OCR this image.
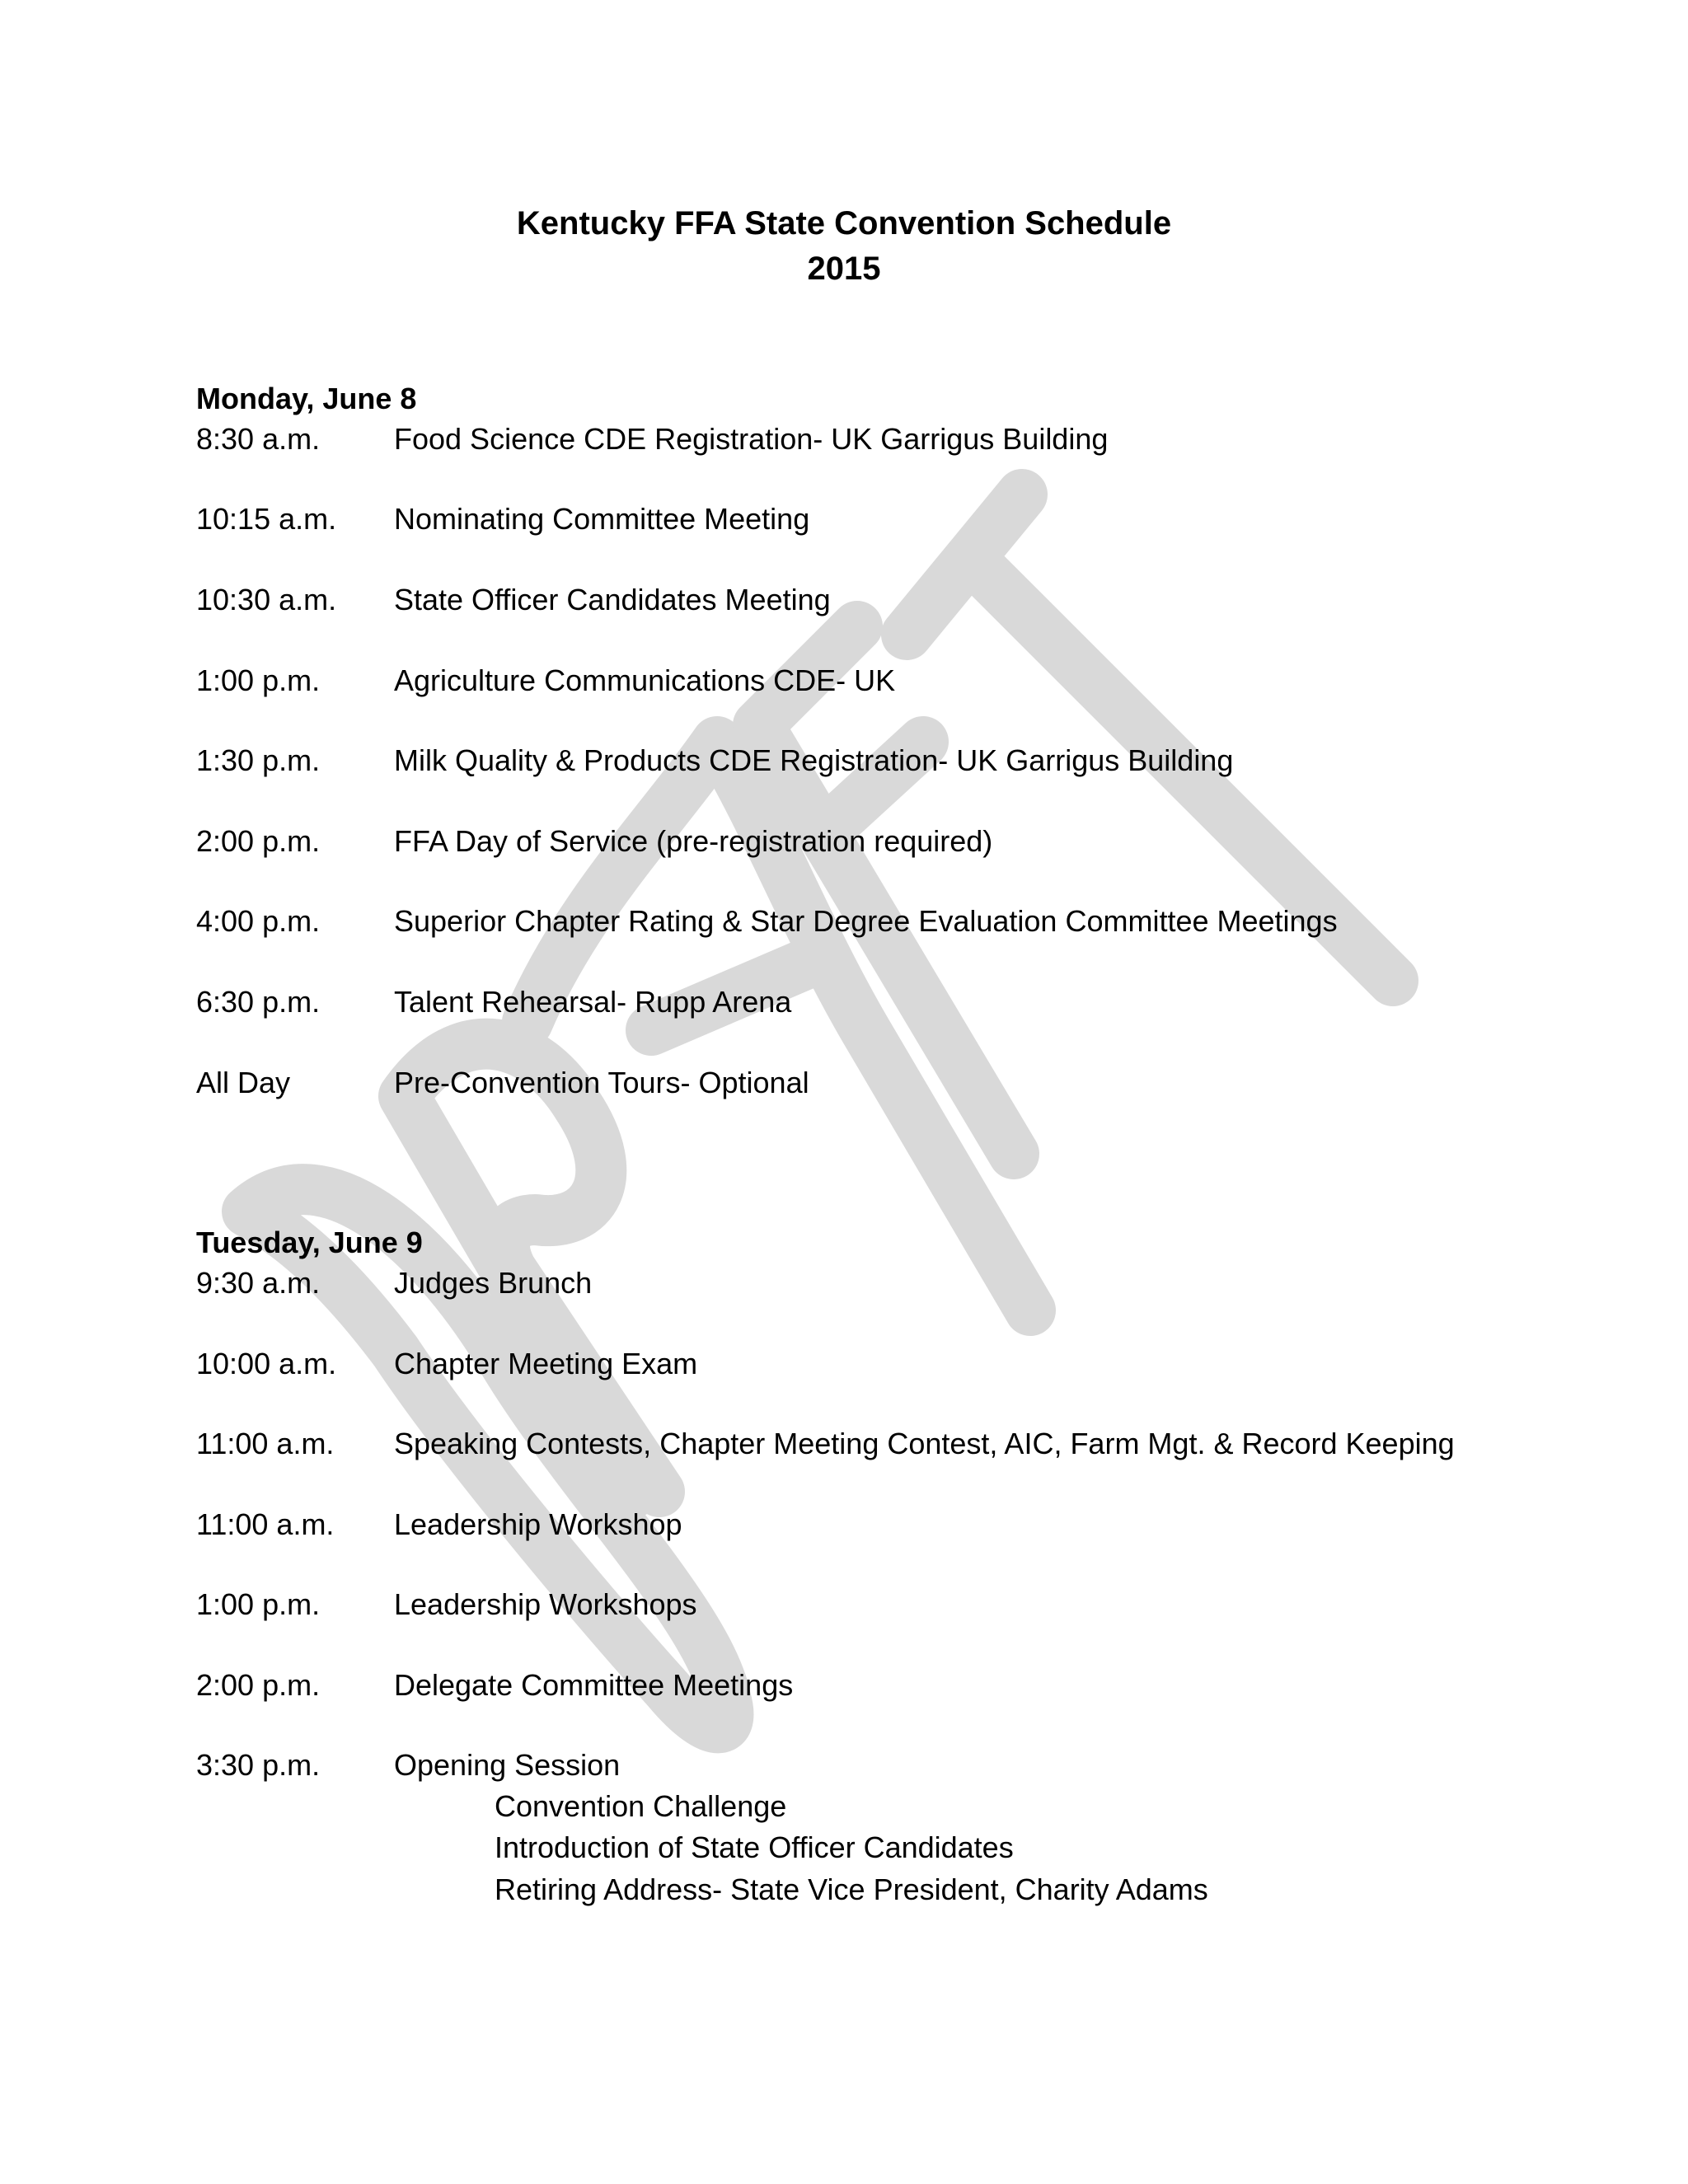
Kentucky FFA State Convention Schedule
2015
Monday, June 8
8:30 a.m. Food Science CDE Registration- UK Garrigus Building
10:15 a.m. Nominating Committee Meeting
10:30 a.m. State Officer Candidates Meeting
1:00 p.m. Agriculture Communications CDE- UK
1:30 p.m. Milk Quality & Products CDE Registration- UK Garrigus Building
2:00 p.m. FFA Day of Service (pre-registration required)
4:00 p.m. Superior Chapter Rating & Star Degree Evaluation Committee Meetings
6:30 p.m. Talent Rehearsal- Rupp Arena
All Day	Pre-Convention Tours- Optional
Tuesday, June 9
9:30 a.m. Judges Brunch
10:00 a.m. Chapter Meeting Exam
11:00 a.m. Speaking Contests, Chapter Meeting Contest, AIC, Farm Mgt. & Record Keeping
11:00 a.m. Leadership Workshop
1:00 p.m. Leadership Workshops
2:00 p.m. Delegate Committee Meetings
3:30 p.m. Opening Session
Convention Challenge
Introduction of State Officer Candidates
Retiring Address- State Vice President, Charity Adams
